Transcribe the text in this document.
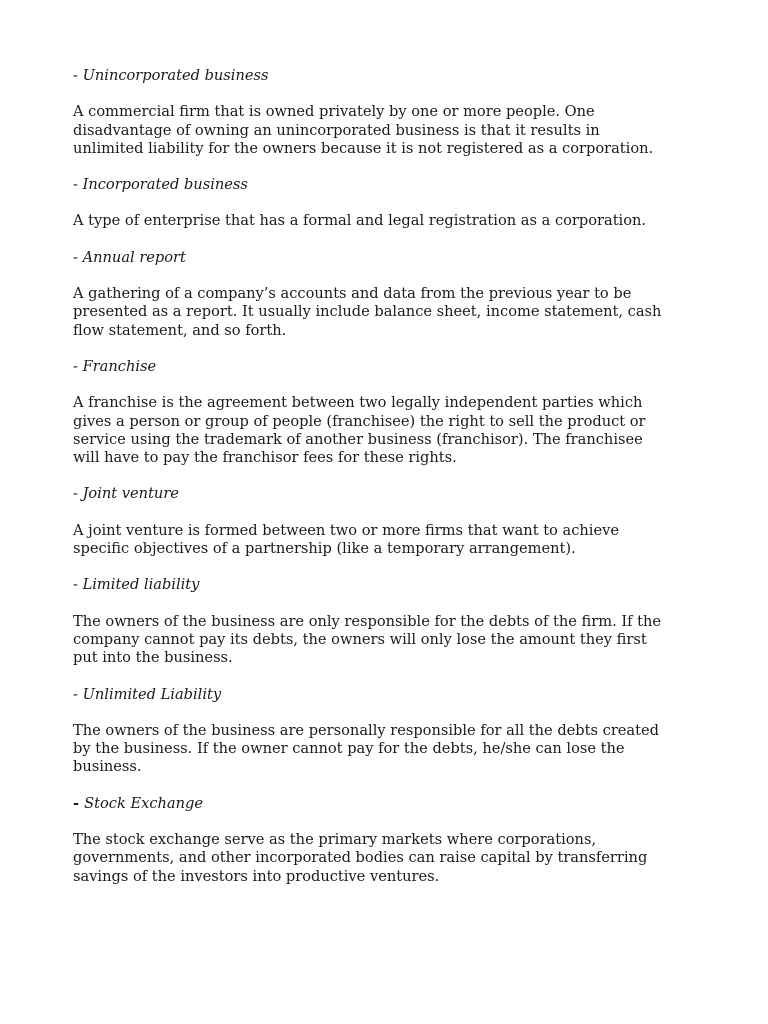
- Unincorporated business

A commercial firm that is owned privately by one or more people. One disadvantage of owning an unincorporated business is that it results in unlimited liability for the owners because it is not registered as a corporation.

- Incorporated business

A type of enterprise that has a formal and legal registration as a corporation.

- Annual report

A gathering of a company’s accounts and data from the previous year to be presented as a report. It usually include balance sheet, income statement, cash flow statement, and so forth.

- Franchise

A franchise is the agreement between two legally independent parties which gives a person or group of people (franchisee) the right to sell the product or service using the trademark of another business (franchisor). The franchisee will have to pay the franchisor fees for these rights.

- Joint venture

A joint venture is formed between two or more firms that want to achieve specific objectives of a partnership (like a temporary arrangement).

- Limited liability

The owners of the business are only responsible for the debts of the firm. If the company cannot pay its debts, the owners will only lose the amount they first put into the business.

- Unlimited Liability

The owners of the business are personally responsible for all the debts created by the business. If the owner cannot pay for the debts, he/she can lose the business.

- Stock Exchange

The stock exchange serve as the primary markets where corporations, governments, and other incorporated bodies can raise capital by transferring savings of the investors into productive ventures.
